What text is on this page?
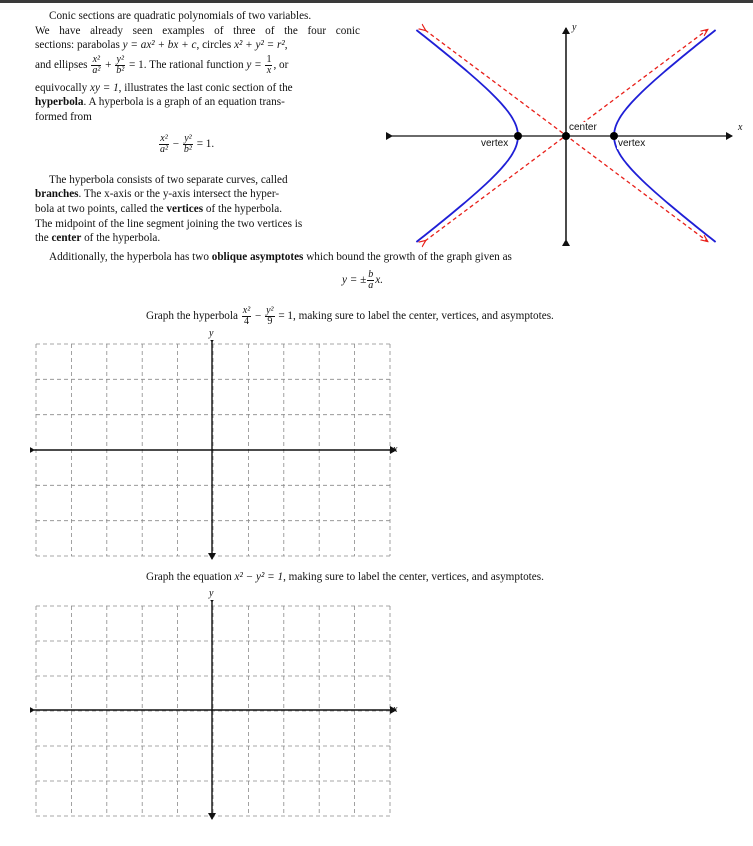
Conic sections are quadratic polynomials of two variables.
We have already seen examples of three of the four conic
sections: parabolas y = ax² + bx + c, circles x² + y² = r²,
and ellipses $\frac{\text{x²}}{\text{a²}} + \frac{\text{y²}}{\text{b²}} = 1$. The rational function $y = \frac{1}{x}$ , or
equivocally xy = 1, illustrates the last conic section of the
hyperbola. A hyperbola is a graph of an equation trans-
formed from
$\frac{\text{x²}}{\text{a²}} - \frac{\text{y²}}{\text{b²}} = 1$.
The hyperbola consists of two separate curves, called
branches. The x-axis or the y-axis intersect the hyper-
bola at two points, called the vertices of the hyperbola.
The midpoint of the line segment joining the two vertices is
the center of the hyperbola.
Additionally, the hyperbola has two oblique asymptotes which bound the growth of the graph given as
y = ± $\frac{b}{a} x$.
x
y
vertex	vertex
center
Graph the hyperbola $\frac{\text{x²}}{4} - \frac{\text{y²}}{9} = 1$, making sure to label the center, vertices, and asymptotes.
x
y
Graph the equation x² − y² = 1, making sure to label the center, vertices, and asymptotes.
x
y
